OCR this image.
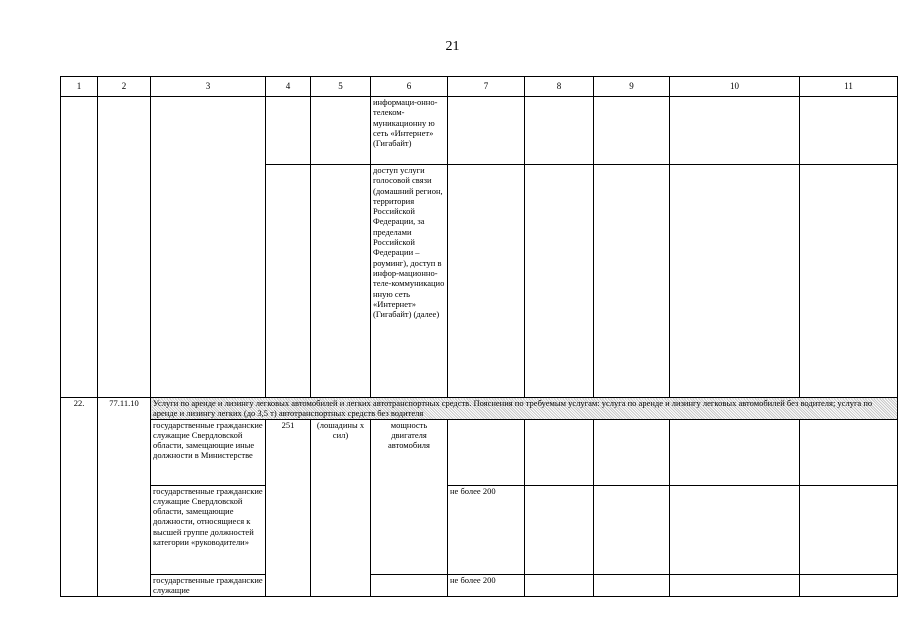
21
1	2	3	4	5	6	7	8	9	10	11
					информаци-онно-телеком-муникационну ю сеть «Интернет» (Гигабайт)					
					доступ услуги голосовой связи (домашний регион, территория Российской Федерации, за пределами Российской Федерации – роуминг), доступ в инфор-мационно-теле-коммуникацио нную сеть «Интернет» (Гигабайт) (далее)					
22.	77.11.10	Услуги по аренде и лизингу легковых автомобилей и легких автотранспортных средств. Пояснения по требуемым услугам: услуга по аренде и лизингу легковых автомобилей без водителя; услуга по аренде и лизингу легких (до 3,5 т) автотранспортных средств без водителя								
		государственные гражданские служащие Свердловской области, замещающие иные должности в Министерстве	251	(лошадины х сил)	мощность двигателя автомобиля					
		государственные гражданские служащие Свердловской области, замещающие должности, относящиеся к высшей группе должностей категории «руководители»				не более 200				
		государственные гражданские служащие				не более 200				
